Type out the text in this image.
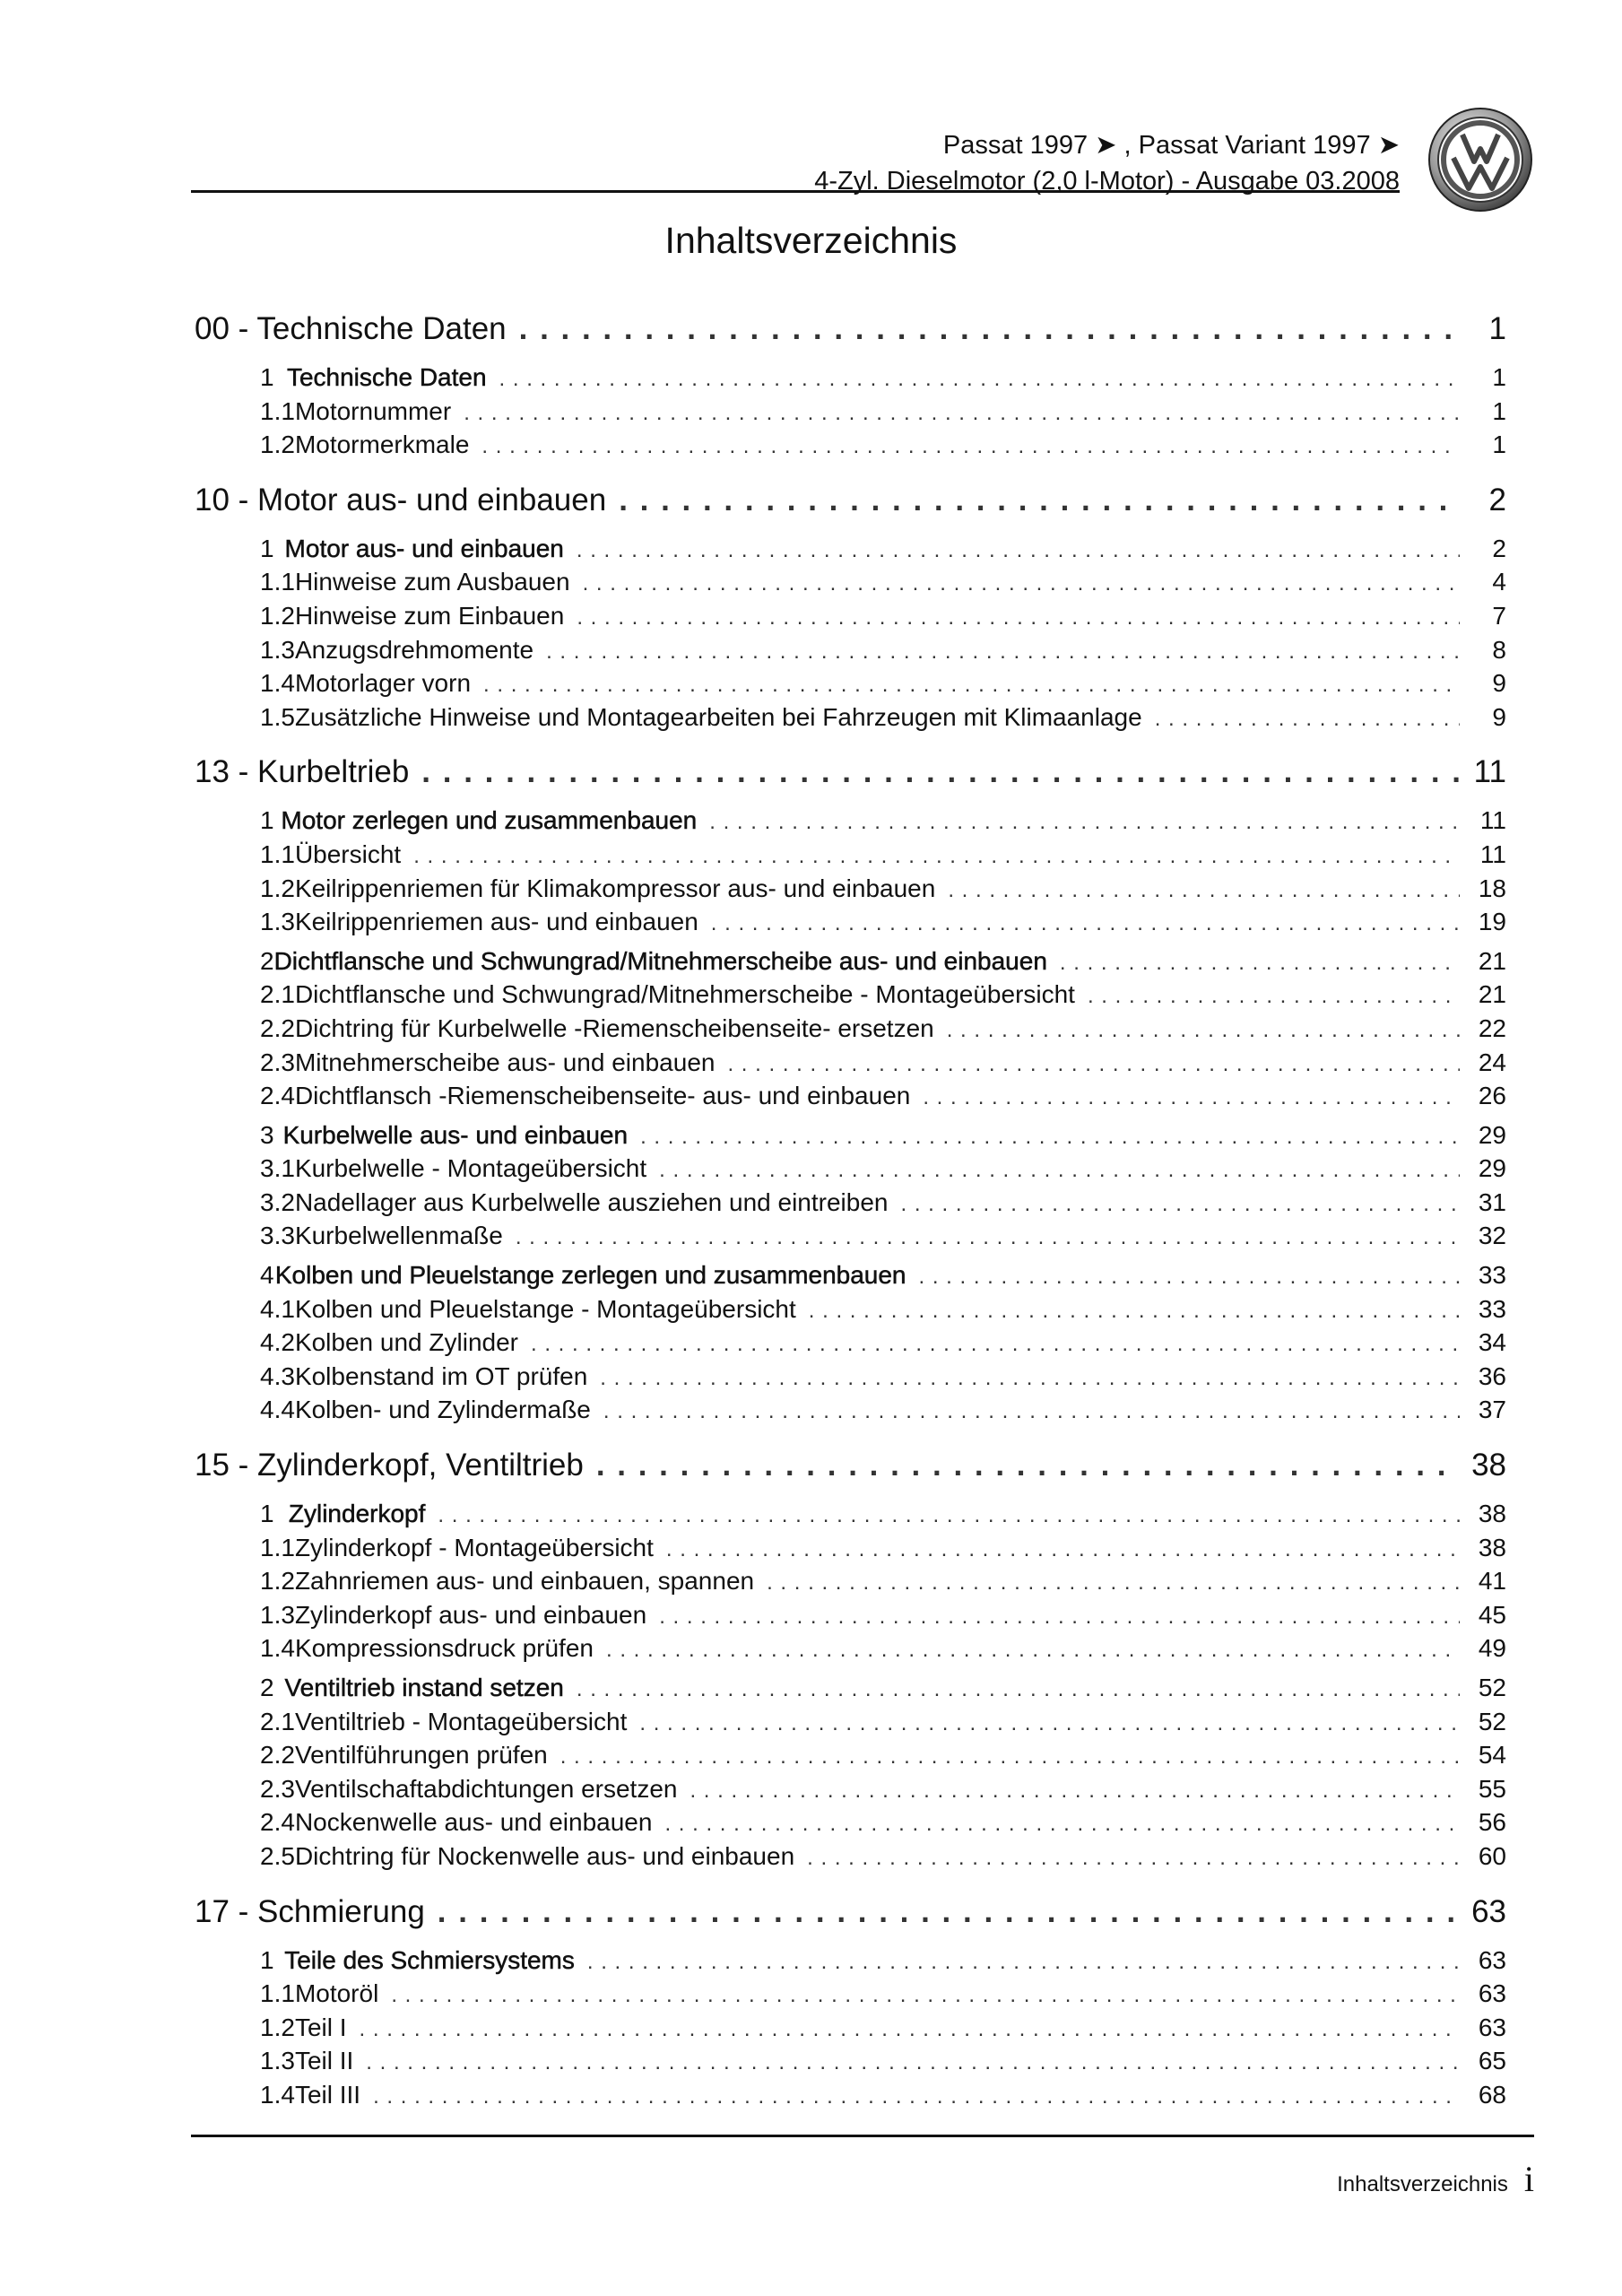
Passat 1997 ➤ , Passat Variant 1997 ➤
4-Zyl. Dieselmotor (2,0 l-Motor) - Ausgabe 03.2008
Inhaltsverzeichnis
00 - Technische Daten . . .	1
1 Technische Daten . . .	1
1.1 Motornummer . . .	1
1.2 Motormerkmale . . .	1
10 - Motor aus- und einbauen . . .	2
1 Motor aus- und einbauen . . .	2
1.1 Hinweise zum Ausbauen . . .	4
1.2 Hinweise zum Einbauen . . .	7
1.3 Anzugsdrehmomente . . .	8
1.4 Motorlager vorn . . .	9
1.5 Zusätzliche Hinweise und Montagearbeiten bei Fahrzeugen mit Klimaanlage . . .	9
13 - Kurbeltrieb . . .	11
1 Motor zerlegen und zusammenbauen . . .	11
1.1 Übersicht . . .	11
1.2 Keilrippenriemen für Klimakompressor aus- und einbauen . . .	18
1.3 Keilrippenriemen aus- und einbauen . . .	19
2 Dichtflansche und Schwungrad/Mitnehmerscheibe aus- und einbauen . . .	21
2.1 Dichtflansche und Schwungrad/Mitnehmerscheibe - Montageübersicht . . .	21
2.2 Dichtring für Kurbelwelle -Riemenscheibenseite- ersetzen . . .	22
2.3 Mitnehmerscheibe aus- und einbauen . . .	24
2.4 Dichtflansch -Riemenscheibenseite- aus- und einbauen . . .	26
3 Kurbelwelle aus- und einbauen . . .	29
3.1 Kurbelwelle - Montageübersicht . . .	29
3.2 Nadellager aus Kurbelwelle ausziehen und eintreiben . . .	31
3.3 Kurbelwellenmaße . . .	32
4 Kolben und Pleuelstange zerlegen und zusammenbauen . . .	33
4.1 Kolben und Pleuelstange - Montageübersicht . . .	33
4.2 Kolben und Zylinder . . .	34
4.3 Kolbenstand im OT prüfen . . .	36
4.4 Kolben- und Zylindermaße . . .	37
15 - Zylinderkopf, Ventiltrieb . . .	38
1 Zylinderkopf . . .	38
1.1 Zylinderkopf - Montageübersicht . . .	38
1.2 Zahnriemen aus- und einbauen, spannen . . .	41
1.3 Zylinderkopf aus- und einbauen . . .	45
1.4 Kompressionsdruck prüfen . . .	49
2 Ventiltrieb instand setzen . . .	52
2.1 Ventiltrieb - Montageübersicht . . .	52
2.2 Ventilführungen prüfen . . .	54
2.3 Ventilschaftabdichtungen ersetzen . . .	55
2.4 Nockenwelle aus- und einbauen . . .	56
2.5 Dichtring für Nockenwelle aus- und einbauen . . .	60
17 - Schmierung . . .	63
1 Teile des Schmiersystems . . .	63
1.1 Motoröl . . .	63
1.2 Teil I . . .	63
1.3 Teil II . . .	65
1.4 Teil III . . .	68
Inhaltsverzeichnis i
